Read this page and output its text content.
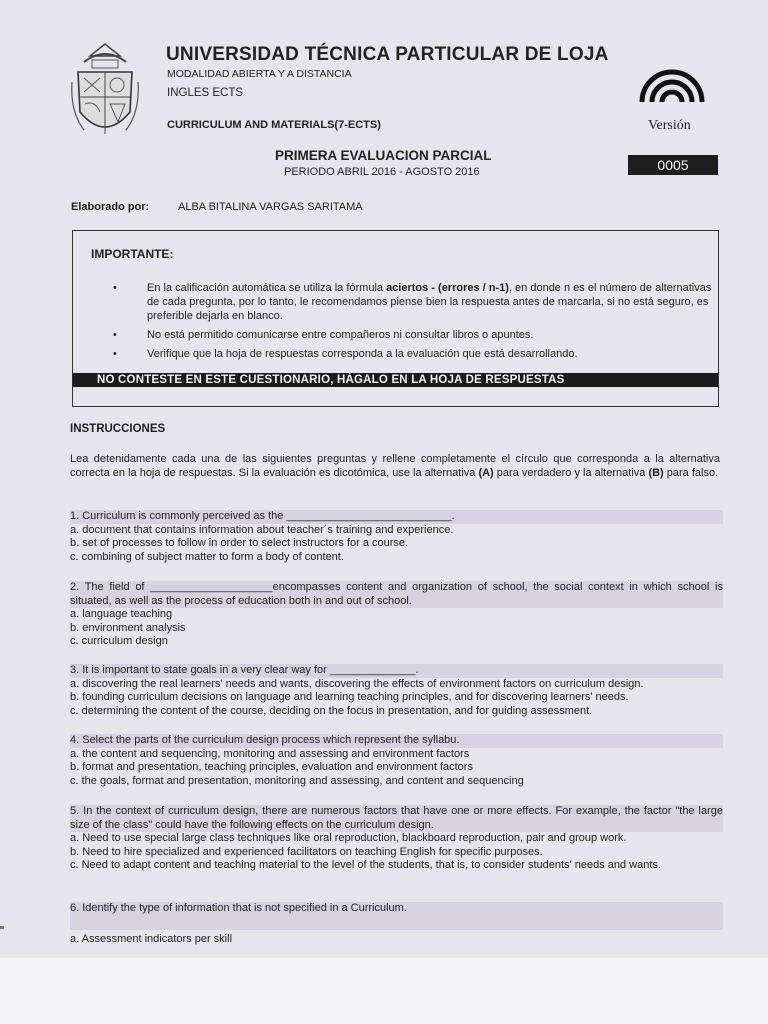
UNIVERSIDAD TÉCNICA PARTICULAR DE LOJA
MODALIDAD ABIERTA Y A DISTANCIA
INGLES ECTS
CURRICULUM AND MATERIALS(7-ECTS)	Versión
PRIMERA EVALUACION PARCIAL
PERIODO ABRIL 2016 - AGOSTO 2016	0005
Elaborado por:	ALBA BITALINA VARGAS SARITAMA
IMPORTANTE:
•	En la calificación automática se utiliza la fórmula aciertos - (errores / n-1), en donde n es el número de alternativas de cada pregunta, por lo tanto, le recomendamos piense bien la respuesta antes de marcarla, si no está seguro, es preferible dejarla en blanco.
•	No está permitido comunicarse entre compañeros ni consultar libros o apuntes.
•	Verifique que la hoja de respuestas corresponda a la evaluación que está desarrollando.
NO CONTESTE EN ESTE CUESTIONARIO, HÁGALO EN LA HOJA DE RESPUESTAS
INSTRUCCIONES

Lea detenidamente cada una de las siguientes preguntas y rellene completamente el círculo que corresponda a la alternativa correcta en la hoja de respuestas. Si la evaluación es dicotómica, use la alternativa (A) para verdadero y la alternativa (B) para falso.

1. Curriculum is commonly perceived as the ___________________________.
a. document that contains information about teacher´s training and experience.
b. set of processes to follow in order to select instructors for a course.
c. combining of subject matter to form a body of content.
2. The field of ____________________encompasses content and organization of school, the social context in which school is situated, as well as the process of education both in and out of school.
a. language teaching
b. environment analysis
c. curriculum design
3. It is important to state goals in a very clear way for ______________.
a. discovering the real learners' needs and wants, discovering the effects of environment factors on curriculum design.
b. founding curriculum decisions on language and learning teaching principles, and for discovering learners' needs.
c. determining the content of the course, deciding on the focus in presentation, and for guiding assessment.
4. Select the parts of the curriculum design process which represent the syllabu.
a. the content and sequencing, monitoring and assessing and environment factors
b. format and presentation, teaching principles, evaluation and environment factors
c. the goals, format and presentation, monitoring and assessing, and content and sequencing
5. In the context of curriculum design, there are numerous factors that have one or more effects. For example, the factor "the large size of the class" could have the following effects on the curriculum design.
a. Need to use special large class techniques like oral reproduction, blackboard reproduction, pair and group work.
b. Need to hire specialized and experienced facilitators on teaching English for specific purposes.
c. Need to adapt content and teaching material to the level of the students, that is, to consider students' needs and wants.
6. Identify the type of information that is not specified in a Curriculum.
a. Assessment indicators per skill
